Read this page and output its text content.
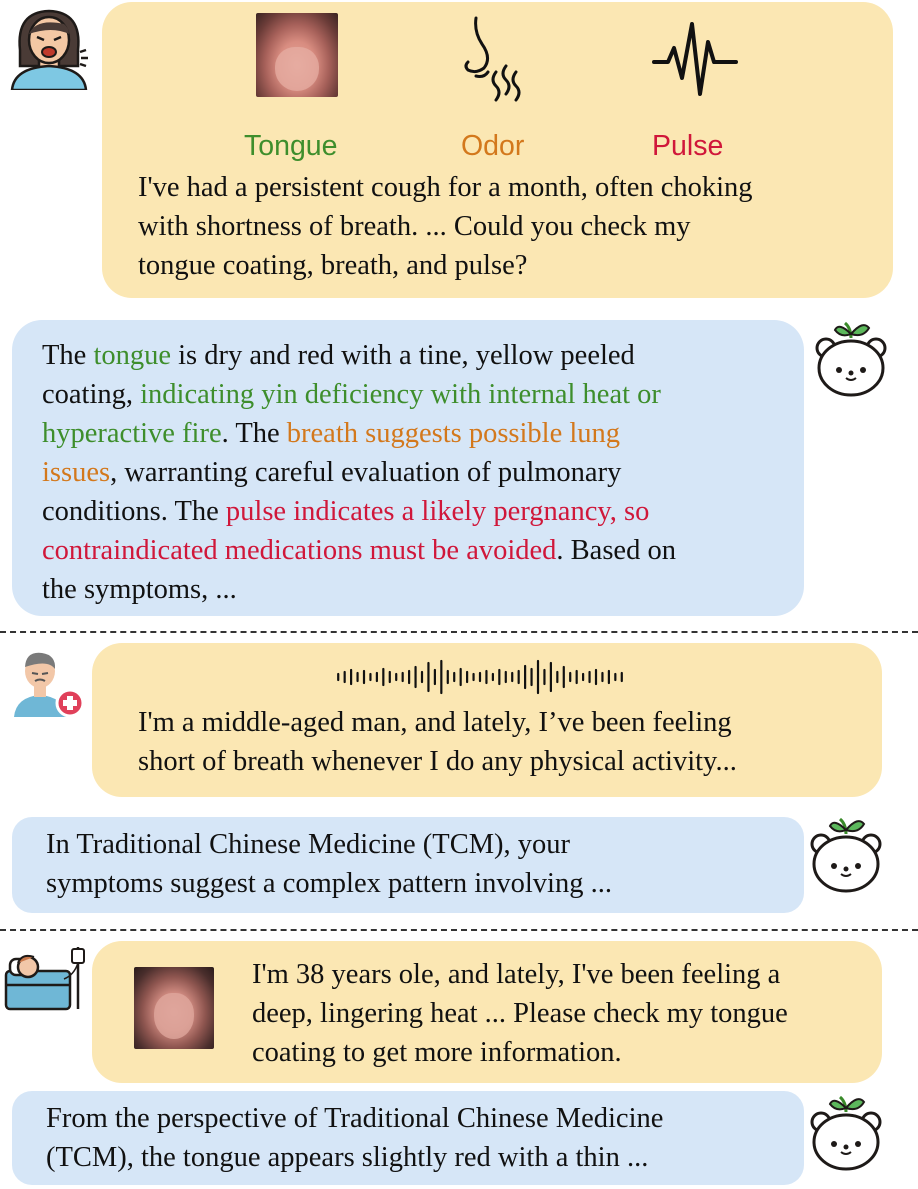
Tongue	Odor	Pulse

I've had a persistent cough for a month, often choking

with shortness of breath. ... Could you check my

tongue coating, breath, and pulse?

The tongue is dry and red with a tine, yellow peeled

coating, indicating yin deficiency with internal heat or

hyperactive fire. The breath suggests possible lung

issues, warranting careful evaluation of pulmonary

conditions. The pulse indicates a likely pergnancy, so

contraindicated medications must be avoided. Based on

the symptoms, ...

I'm a middle-aged man, and lately, I’ve been feeling

short of breath whenever I do any physical activity...

In Traditional Chinese Medicine (TCM), your

symptoms suggest a complex pattern involving ...

I'm 38 years ole, and lately, I've been feeling a

deep, lingering heat ... Please check my tongue

coating to get more information.

From the perspective of Traditional Chinese Medicine

(TCM), the tongue appears slightly red with a thin ...
